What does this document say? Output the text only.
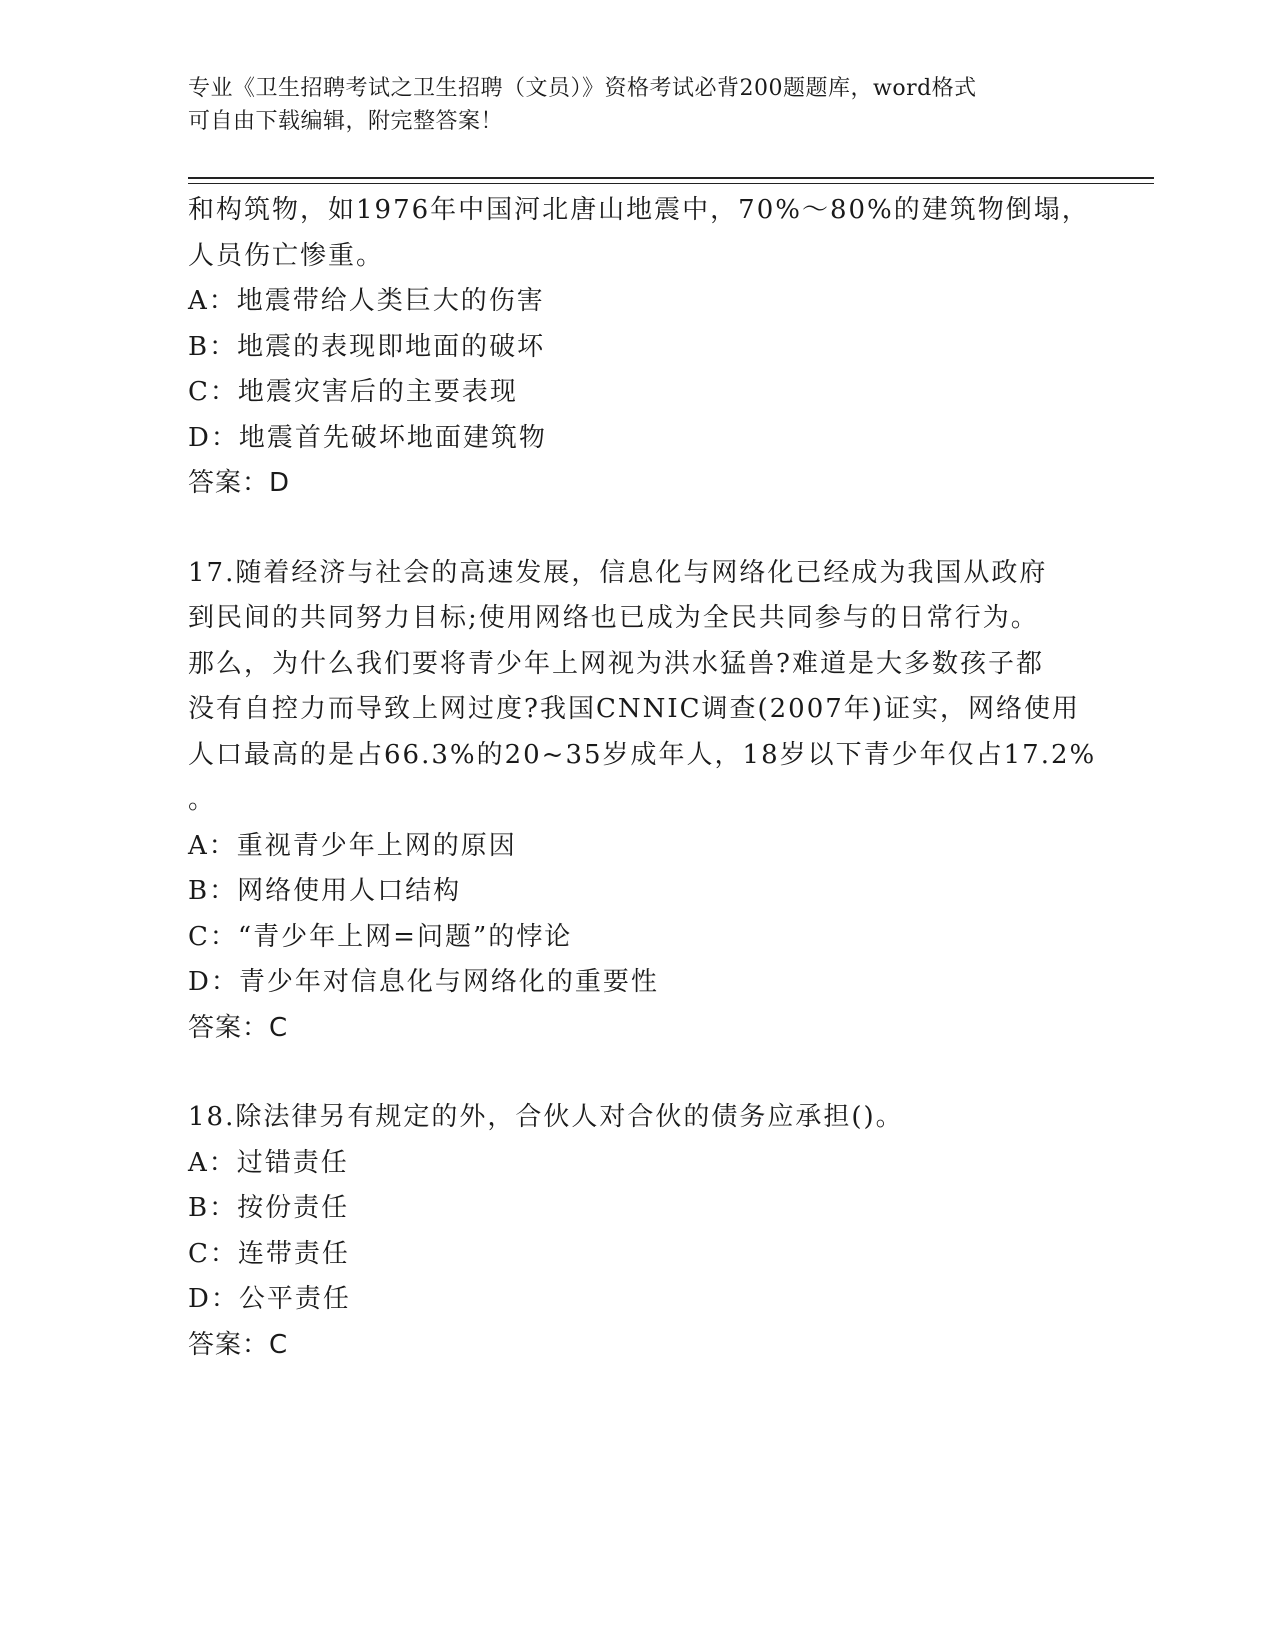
专业《卫生招聘考试之卫生招聘（文员）》资格考试必背200题题库，word格式
可自由下载编辑，附完整答案！
和构筑物，如1976年中国河北唐山地震中，70%～80%的建筑物倒塌，
人员伤亡惨重。
A：地震带给人类巨大的伤害
B：地震的表现即地面的破坏
C：地震灾害后的主要表现
D：地震首先破坏地面建筑物
答案：D
17.随着经济与社会的高速发展，信息化与网络化已经成为我国从政府
到民间的共同努力目标;使用网络也已成为全民共同参与的日常行为。
那么，为什么我们要将青少年上网视为洪水猛兽?难道是大多数孩子都
没有自控力而导致上网过度?我国CNNIC调查(2007年)证实，网络使用
人口最高的是占66.3%的20~35岁成年人，18岁以下青少年仅占17.2%
。
A：重视青少年上网的原因
B：网络使用人口结构
C：“青少年上网=问题”的悖论
D：青少年对信息化与网络化的重要性
答案：C
18.除法律另有规定的外，合伙人对合伙的债务应承担()。
A：过错责任
B：按份责任
C：连带责任
D：公平责任
答案：C
